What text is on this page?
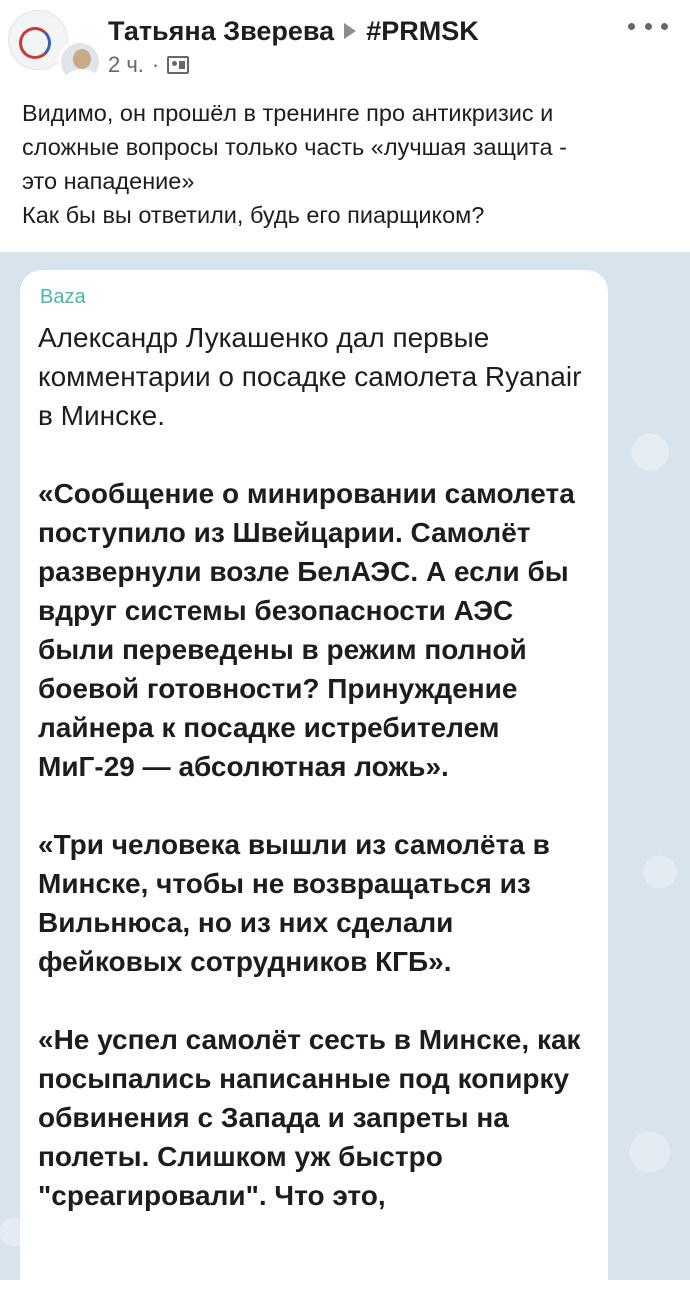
Татьяна Зверева #PRMSK
2 ч. ·

Видимо, он прошёл в тренинге про антикризис и

сложные вопросы только часть «лучшая защита -

это нападение»

Как бы вы ответили, будь его пиарщиком?

Baza

Александр Лукашенко дал первые комментарии о посадке самолета Ryanair в Минске.

«Сообщение о минировании самолета поступило из Швейцарии. Самолёт развернули возле БелАЭС. А если бы вдруг системы безопасности АЭС были переведены в режим полной боевой готовности? Принуждение лайнера к посадке истребителем МиГ-29 — абсолютная ложь».

«Три человека вышли из самолёта в Минске, чтобы не возвращаться из Вильнюса, но из них сделали фейковых сотрудников КГБ».

«Не успел самолёт сесть в Минске, как посыпались написанные под копирку обвинения с Запада и запреты на полеты. Слишком уж быстро "среагировали". Что это,
